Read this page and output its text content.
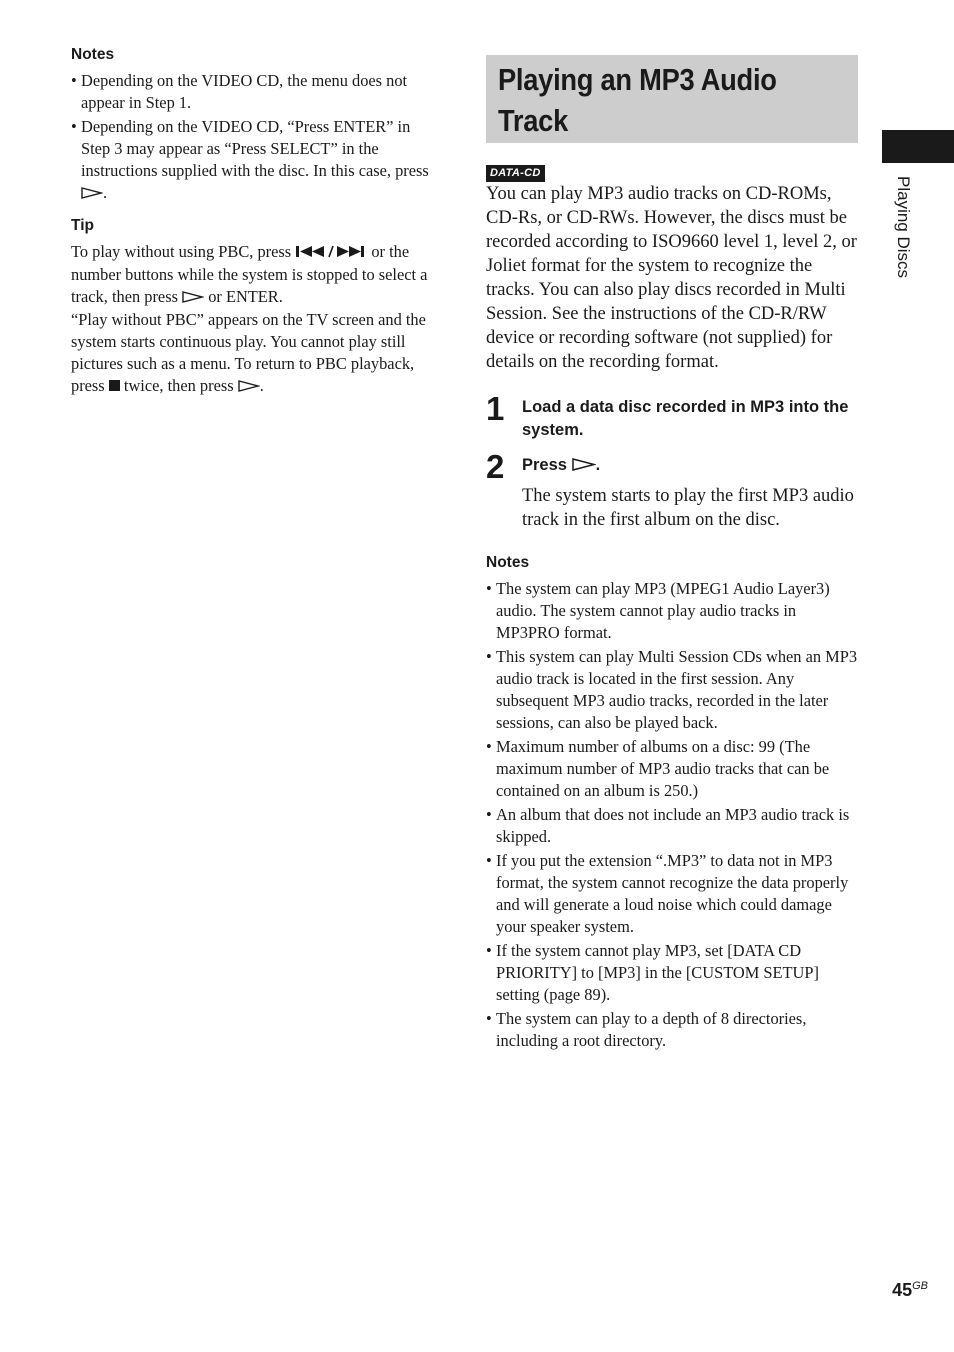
Notes
• Depending on the VIDEO CD, the menu does not appear in Step 1.
• Depending on the VIDEO CD, “Press ENTER” in Step 3 may appear as “Press SELECT” in the instructions supplied with the disc. In this case, press
.
Tip

To play without using PBC, press	or the number buttons while the system is stopped to select a track, then press or ENTER.

“Play without PBC” appears on the TV screen and the system starts continuous play. You cannot play still pictures such as a menu. To return to PBC playback, press twice, then press .

Playing an MP3 Audio Track
DATA-CD

You can play MP3 audio tracks on CD-ROMs, CD-Rs, or CD-RWs. However, the discs must be recorded according to ISO9660 level 1, level 2, or Joliet format for the system to recognize the tracks. You can also play discs recorded in Multi Session. See the instructions of the CD-R/RW device or recording software (not supplied) for details on the recording format.

1 Load a data disc recorded in MP3 into the system.
2 Press .
The system starts to play the first MP3 audio track in the first album on the disc.
Notes
• The system can play MP3 (MPEG1 Audio Layer3) audio. The system cannot play audio tracks in MP3PRO format.
• This system can play Multi Session CDs when an MP3 audio track is located in the first session. Any subsequent MP3 audio tracks, recorded in the later sessions, can also be played back.
• Maximum number of albums on a disc: 99 (The maximum number of MP3 audio tracks that can be contained on an album is 250.)
• An album that does not include an MP3 audio track is skipped.
• If you put the extension “.MP3” to data not in MP3 format, the system cannot recognize the data properly and will generate a loud noise which could damage your speaker system.
• If the system cannot play MP3, set [DATA CD PRIORITY] to [MP3] in the [CUSTOM SETUP] setting (page 89).
• The system can play to a depth of 8 directories, including a root directory.
Playing Discs
$45^{GB}$
